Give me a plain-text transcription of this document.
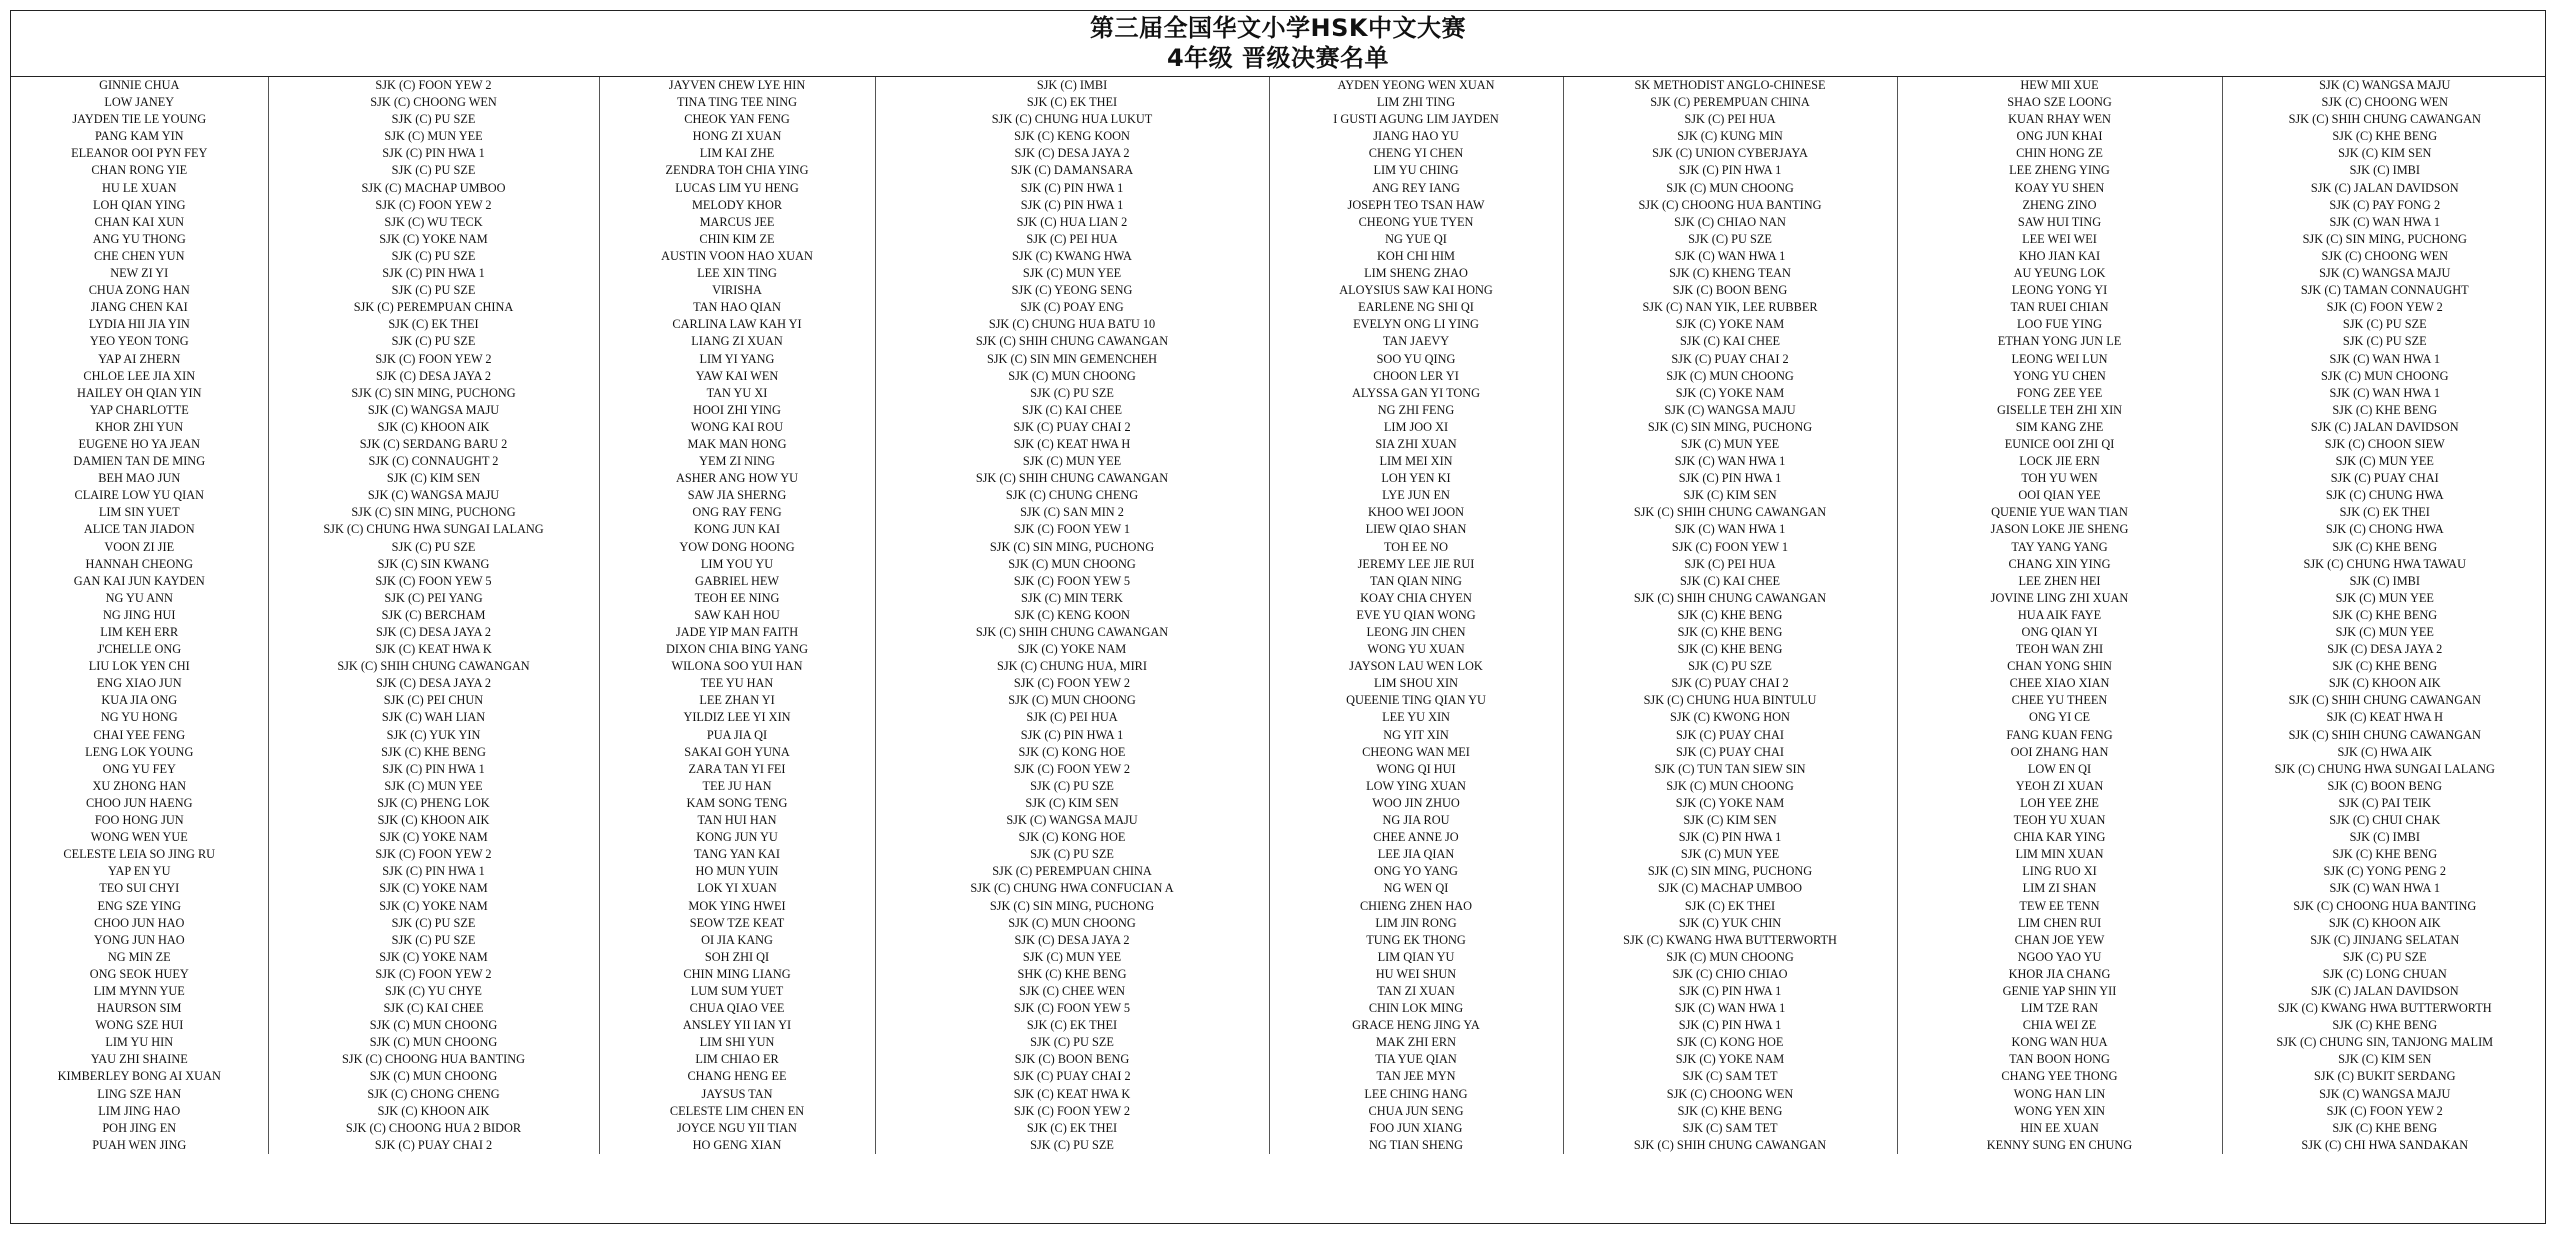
第三届全国华文小学HSK中文大赛
4年级 晋级决赛名单
GINNIE CHUA	SJK (C) FOON YEW 2	JAYVEN CHEW LYE HIN	SJK (C) IMBI	AYDEN YEONG WEN XUAN	SK METHODIST ANGLO-CHINESE	HEW MII XUE	SJK (C) WANGSA MAJU
LOW JANEY	SJK (C) CHOONG WEN	TINA TING TEE NING	SJK (C) EK THEI	LIM ZHI TING	SJK (C) PEREMPUAN CHINA	SHAO SZE LOONG	SJK (C) CHOONG WEN
JAYDEN TIE LE YOUNG	SJK (C) PU SZE	CHEOK YAN FENG	SJK (C) CHUNG HUA LUKUT	I GUSTI AGUNG LIM JAYDEN	SJK (C) PEI HUA	KUAN RHAY WEN	SJK (C) SHIH CHUNG CAWANGAN
PANG KAM YIN	SJK (C) MUN YEE	HONG ZI XUAN	SJK (C) KENG KOON	JIANG HAO YU	SJK (C) KUNG MIN	ONG JUN KHAI	SJK (C) KHE BENG
ELEANOR OOI PYN FEY	SJK (C) PIN HWA 1	LIM KAI ZHE	SJK (C) DESA JAYA 2	CHENG YI CHEN	SJK (C) UNION CYBERJAYA	CHIN HONG ZE	SJK (C) KIM SEN
CHAN RONG YIE	SJK (C) PU SZE	ZENDRA TOH CHIA YING	SJK (C) DAMANSARA	LIM YU CHING	SJK (C) PIN HWA 1	LEE ZHENG YING	SJK (C) IMBI
HU LE XUAN	SJK (C) MACHAP UMBOO	LUCAS LIM YU HENG	SJK (C) PIN HWA 1	ANG REY IANG	SJK (C) MUN CHOONG	KOAY YU SHEN	SJK (C) JALAN DAVIDSON
LOH QIAN YING	SJK (C) FOON YEW 2	MELODY KHOR	SJK (C) PIN HWA 1	JOSEPH TEO TSAN HAW	SJK (C) CHOONG HUA BANTING	ZHENG ZINO	SJK (C) PAY FONG 2
CHAN KAI XUN	SJK (C) WU TECK	MARCUS JEE	SJK (C) HUA LIAN 2	CHEONG YUE TYEN	SJK (C) CHIAO NAN	SAW HUI TING	SJK (C) WAN HWA 1
ANG YU THONG	SJK (C) YOKE NAM	CHIN KIM ZE	SJK (C) PEI HUA	NG YUE QI	SJK (C) PU SZE	LEE WEI WEI	SJK (C) SIN MING, PUCHONG
CHE CHEN YUN	SJK (C) PU SZE	AUSTIN VOON HAO XUAN	SJK (C) KWANG HWA	KOH CHI HIM	SJK (C) WAN HWA 1	KHO JIAN KAI	SJK (C) CHOONG WEN
NEW ZI YI	SJK (C) PIN HWA 1	LEE XIN TING	SJK (C) MUN YEE	LIM SHENG ZHAO	SJK (C) KHENG TEAN	AU YEUNG LOK	SJK (C) WANGSA MAJU
CHUA ZONG HAN	SJK (C) PU SZE	VIRISHA	SJK (C) YEONG SENG	ALOYSIUS SAW KAI HONG	SJK (C) BOON BENG	LEONG YONG YI	SJK (C) TAMAN CONNAUGHT
JIANG CHEN KAI	SJK (C) PEREMPUAN CHINA	TAN HAO QIAN	SJK (C) POAY ENG	EARLENE NG SHI QI	SJK (C) NAN YIK, LEE RUBBER	TAN RUEI CHIAN	SJK (C) FOON YEW 2
LYDIA HII JIA YIN	SJK (C) EK THEI	CARLINA LAW KAH YI	SJK (C) CHUNG HUA BATU 10	EVELYN ONG LI YING	SJK (C) YOKE NAM	LOO FUE YING	SJK (C) PU SZE
YEO YEON TONG	SJK (C) PU SZE	LIANG ZI XUAN	SJK (C) SHIH CHUNG CAWANGAN	TAN JAEVY	SJK (C) KAI CHEE	ETHAN YONG JUN LE	SJK (C) PU SZE
YAP AI ZHERN	SJK (C) FOON YEW 2	LIM YI YANG	SJK (C) SIN MIN GEMENCHEH	SOO YU QING	SJK (C) PUAY CHAI 2	LEONG WEI LUN	SJK (C) WAN HWA 1
CHLOE LEE JIA XIN	SJK (C) DESA JAYA 2	YAW KAI WEN	SJK (C) MUN CHOONG	CHOON LER YI	SJK (C) MUN CHOONG	YONG YU CHEN	SJK (C) MUN CHOONG
HAILEY OH QIAN YIN	SJK (C) SIN MING, PUCHONG	TAN YU XI	SJK (C) PU SZE	ALYSSA GAN YI TONG	SJK (C) YOKE NAM	FONG ZEE YEE	SJK (C) WAN HWA 1
YAP CHARLOTTE	SJK (C) WANGSA MAJU	HOOI ZHI YING	SJK (C) KAI CHEE	NG ZHI FENG	SJK (C) WANGSA MAJU	GISELLE TEH ZHI XIN	SJK (C) KHE BENG
KHOR ZHI YUN	SJK (C) KHOON AIK	WONG KAI ROU	SJK (C) PUAY CHAI 2	LIM JOO XI	SJK (C) SIN MING, PUCHONG	SIM KANG ZHE	SJK (C) JALAN DAVIDSON
EUGENE HO YA JEAN	SJK (C) SERDANG BARU 2	MAK MAN HONG	SJK (C) KEAT HWA H	SIA ZHI XUAN	SJK (C) MUN YEE	EUNICE OOI ZHI QI	SJK (C) CHOON SIEW
DAMIEN TAN DE MING	SJK (C) CONNAUGHT 2	YEM ZI NING	SJK (C) MUN YEE	LIM MEI XIN	SJK (C) WAN HWA 1	LOCK JIE ERN	SJK (C) MUN YEE
BEH MAO JUN	SJK (C) KIM SEN	ASHER ANG HOW YU	SJK (C) SHIH CHUNG CAWANGAN	LOH YEN KI	SJK (C) PIN HWA 1	TOH YU WEN	SJK (C) PUAY CHAI
CLAIRE LOW YU QIAN	SJK (C) WANGSA MAJU	SAW JIA SHERNG	SJK (C) CHUNG CHENG	LYE JUN EN	SJK (C) KIM SEN	OOI QIAN YEE	SJK (C) CHUNG HWA
LIM SIN YUET	SJK (C) SIN MING, PUCHONG	ONG RAY FENG	SJK (C) SAN MIN 2	KHOO WEI JOON	SJK (C) SHIH CHUNG CAWANGAN	QUENIE YUE WAN TIAN	SJK (C) EK THEI
ALICE TAN JIADON	SJK (C) CHUNG HWA SUNGAI LALANG	KONG JUN KAI	SJK (C) FOON YEW 1	LIEW QIAO SHAN	SJK (C) WAN HWA 1	JASON LOKE JIE SHENG	SJK (C) CHONG HWA
VOON ZI JIE	SJK (C) PU SZE	YOW DONG HOONG	SJK (C) SIN MING, PUCHONG	TOH EE NO	SJK (C) FOON YEW 1	TAY YANG YANG	SJK (C) KHE BENG
HANNAH CHEONG	SJK (C) SIN KWANG	LIM YOU YU	SJK (C) MUN CHOONG	JEREMY LEE JIE RUI	SJK (C) PEI HUA	CHANG XIN YING	SJK (C) CHUNG HWA TAWAU
GAN KAI JUN KAYDEN	SJK (C) FOON YEW 5	GABRIEL HEW	SJK (C) FOON YEW 5	TAN QIAN NING	SJK (C) KAI CHEE	LEE ZHEN HEI	SJK (C) IMBI
NG YU ANN	SJK (C) PEI YANG	TEOH EE NING	SJK (C) MIN TERK	KOAY CHIA CHYEN	SJK (C) SHIH CHUNG CAWANGAN	JOVINE LING ZHI XUAN	SJK (C) MUN YEE
NG JING HUI	SJK (C) BERCHAM	SAW KAH HOU	SJK (C) KENG KOON	EVE YU QIAN WONG	SJK (C) KHE BENG	HUA AIK FAYE	SJK (C) KHE BENG
LIM KEH ERR	SJK (C) DESA JAYA 2	JADE YIP MAN FAITH	SJK (C) SHIH CHUNG CAWANGAN	LEONG JIN CHEN	SJK (C) KHE BENG	ONG QIAN YI	SJK (C) MUN YEE
J'CHELLE ONG	SJK (C) KEAT HWA K	DIXON CHIA BING YANG	SJK (C) YOKE NAM	WONG YU XUAN	SJK (C) KHE BENG	TEOH WAN ZHI	SJK (C) DESA JAYA 2
LIU LOK YEN CHI	SJK (C) SHIH CHUNG CAWANGAN	WILONA SOO YUI HAN	SJK (C) CHUNG HUA, MIRI	JAYSON LAU WEN LOK	SJK (C) PU SZE	CHAN YONG SHIN	SJK (C) KHE BENG
ENG XIAO JUN	SJK (C) DESA JAYA 2	TEE YU HAN	SJK (C) FOON YEW 2	LIM SHOU XIN	SJK (C) PUAY CHAI 2	CHEE XIAO XIAN	SJK (C) KHOON AIK
KUA JIA ONG	SJK (C) PEI CHUN	LEE ZHAN YI	SJK (C) MUN CHOONG	QUEENIE TING QIAN YU	SJK (C) CHUNG HUA BINTULU	CHEE YU THEEN	SJK (C) SHIH CHUNG CAWANGAN
NG YU HONG	SJK (C) WAH LIAN	YILDIZ LEE YI XIN	SJK (C) PEI HUA	LEE YU XIN	SJK (C) KWONG HON	ONG YI CE	SJK (C) KEAT HWA H
CHAI YEE FENG	SJK (C) YUK YIN	PUA JIA QI	SJK (C) PIN HWA 1	NG YIT XIN	SJK (C) PUAY CHAI	FANG KUAN FENG	SJK (C) SHIH CHUNG CAWANGAN
LENG LOK YOUNG	SJK (C) KHE BENG	SAKAI GOH YUNA	SJK (C) KONG HOE	CHEONG WAN MEI	SJK (C) PUAY CHAI	OOI ZHANG HAN	SJK (C) HWA AIK
ONG YU FEY	SJK (C) PIN HWA 1	ZARA TAN YI FEI	SJK (C) FOON YEW 2	WONG QI HUI	SJK (C) TUN TAN SIEW SIN	LOW EN QI	SJK (C) CHUNG HWA SUNGAI LALANG
XU ZHONG HAN	SJK (C) MUN YEE	TEE JU HAN	SJK (C) PU SZE	LOW YING XUAN	SJK (C) MUN CHOONG	YEOH ZI XUAN	SJK (C) BOON BENG
CHOO JUN HAENG	SJK (C) PHENG LOK	KAM SONG TENG	SJK (C) KIM SEN	WOO JIN ZHUO	SJK (C) YOKE NAM	LOH YEE ZHE	SJK (C) PAI TEIK
FOO HONG JUN	SJK (C) KHOON AIK	TAN HUI HAN	SJK (C) WANGSA MAJU	NG JIA ROU	SJK (C) KIM SEN	TEOH YU XUAN	SJK (C) CHUI CHAK
WONG WEN YUE	SJK (C) YOKE NAM	KONG JUN YU	SJK (C) KONG HOE	CHEE ANNE JO	SJK (C) PIN HWA 1	CHIA KAR YING	SJK (C) IMBI
CELESTE LEIA SO JING RU	SJK (C) FOON YEW 2	TANG YAN KAI	SJK (C) PU SZE	LEE JIA QIAN	SJK (C) MUN YEE	LIM MIN XUAN	SJK (C) KHE BENG
YAP EN YU	SJK (C) PIN HWA 1	HO MUN YUIN	SJK (C) PEREMPUAN CHINA	ONG YO YANG	SJK (C) SIN MING, PUCHONG	LING RUO XI	SJK (C) YONG PENG 2
TEO SUI CHYI	SJK (C) YOKE NAM	LOK YI XUAN	SJK (C) CHUNG HWA CONFUCIAN A	NG WEN QI	SJK (C) MACHAP UMBOO	LIM ZI SHAN	SJK (C) WAN HWA 1
ENG SZE YING	SJK (C) YOKE NAM	MOK YING HWEI	SJK (C) SIN MING, PUCHONG	CHIENG ZHEN HAO	SJK (C) EK THEI	TEW EE TENN	SJK (C) CHOONG HUA BANTING
CHOO JUN HAO	SJK (C) PU SZE	SEOW TZE KEAT	SJK (C) MUN CHOONG	LIM JIN RONG	SJK (C) YUK CHIN	LIM CHEN RUI	SJK (C) KHOON AIK
YONG JUN HAO	SJK (C) PU SZE	OI JIA KANG	SJK (C) DESA JAYA 2	TUNG EK THONG	SJK (C) KWANG HWA BUTTERWORTH	CHAN JOE YEW	SJK (C) JINJANG SELATAN
NG MIN ZE	SJK (C) YOKE NAM	SOH ZHI QI	SJK (C) MUN YEE	LIM QIAN YU	SJK (C) MUN CHOONG	NGOO YAO YU	SJK (C) PU SZE
ONG SEOK HUEY	SJK (C) FOON YEW 2	CHIN MING LIANG	SHK (C) KHE BENG	HU WEI SHUN	SJK (C) CHIO CHIAO	KHOR JIA CHANG	SJK (C) LONG CHUAN
LIM MYNN YUE	SJK (C) YU CHYE	LUM SUM YUET	SJK (C) CHEE WEN	TAN ZI XUAN	SJK (C) PIN HWA 1	GENIE YAP SHIN YII	SJK (C) JALAN DAVIDSON
HAURSON SIM	SJK (C) KAI CHEE	CHUA QIAO VEE	SJK (C) FOON YEW 5	CHIN LOK MING	SJK (C) WAN HWA 1	LIM TZE RAN	SJK (C) KWANG HWA BUTTERWORTH
WONG SZE HUI	SJK (C) MUN CHOONG	ANSLEY YII IAN YI	SJK (C) EK THEI	GRACE HENG JING YA	SJK (C) PIN HWA 1	CHIA WEI ZE	SJK (C) KHE BENG
LIM YU HIN	SJK (C) MUN CHOONG	LIM SHI YUN	SJK (C) PU SZE	MAK ZHI ERN	SJK (C) KONG HOE	KONG WAN HUA	SJK (C) CHUNG SIN, TANJONG MALIM
YAU ZHI SHAINE	SJK (C) CHOONG HUA BANTING	LIM CHIAO ER	SJK (C) BOON BENG	TIA YUE QIAN	SJK (C) YOKE NAM	TAN BOON HONG	SJK (C) KIM SEN
KIMBERLEY BONG AI XUAN	SJK (C) MUN CHOONG	CHANG HENG EE	SJK (C) PUAY CHAI 2	TAN JEE MYN	SJK (C) SAM TET	CHANG YEE THONG	SJK (C) BUKIT SERDANG
LING SZE HAN	SJK (C) CHONG CHENG	JAYSUS TAN	SJK (C) KEAT HWA K	LEE CHING HANG	SJK (C) CHOONG WEN	WONG HAN LIN	SJK (C) WANGSA MAJU
LIM JING HAO	SJK (C) KHOON AIK	CELESTE LIM CHEN EN	SJK (C) FOON YEW 2	CHUA JUN SENG	SJK (C) KHE BENG	WONG YEN XIN	SJK (C) FOON YEW 2
POH JING EN	SJK (C) CHOONG HUA 2 BIDOR	JOYCE NGU YII TIAN	SJK (C) EK THEI	FOO JUN XIANG	SJK (C) SAM TET	HIN EE XUAN	SJK (C) KHE BENG
PUAH WEN JING	SJK (C) PUAY CHAI 2	HO GENG XIAN	SJK (C) PU SZE	NG TIAN SHENG	SJK (C) SHIH CHUNG CAWANGAN	KENNY SUNG EN CHUNG	SJK (C) CHI HWA SANDAKAN
